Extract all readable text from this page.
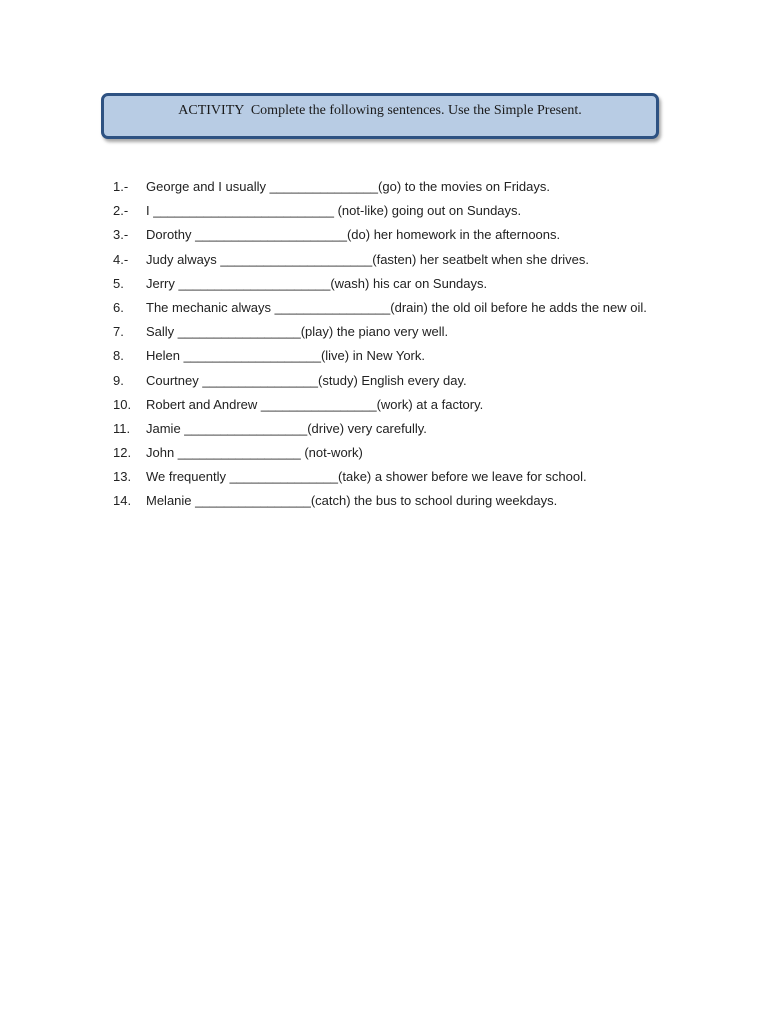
ACTIVITY  Complete the following sentences. Use the Simple Present.
1.-	George and I usually _______________(go) to the movies on Fridays.
2.-	I _________________________ (not-like) going out on Sundays.
3.-	Dorothy _____________________(do) her homework in the afternoons.
4.-	Judy always _____________________(fasten) her seatbelt when she drives.
5.	Jerry _____________________(wash) his car on Sundays.
6.	The mechanic always ________________(drain) the old oil before he adds the new oil.
7.	Sally _________________(play) the piano very well.
8.	Helen ___________________(live) in New York.
9.	Courtney ________________(study) English every day.
10.	Robert and Andrew ________________(work) at a factory.
11.	Jamie _________________(drive) very carefully.
12.	John _________________ (not-work)
13.	We frequently _______________(take) a shower before we leave for school.
14.	Melanie ________________(catch) the bus to school during weekdays.
